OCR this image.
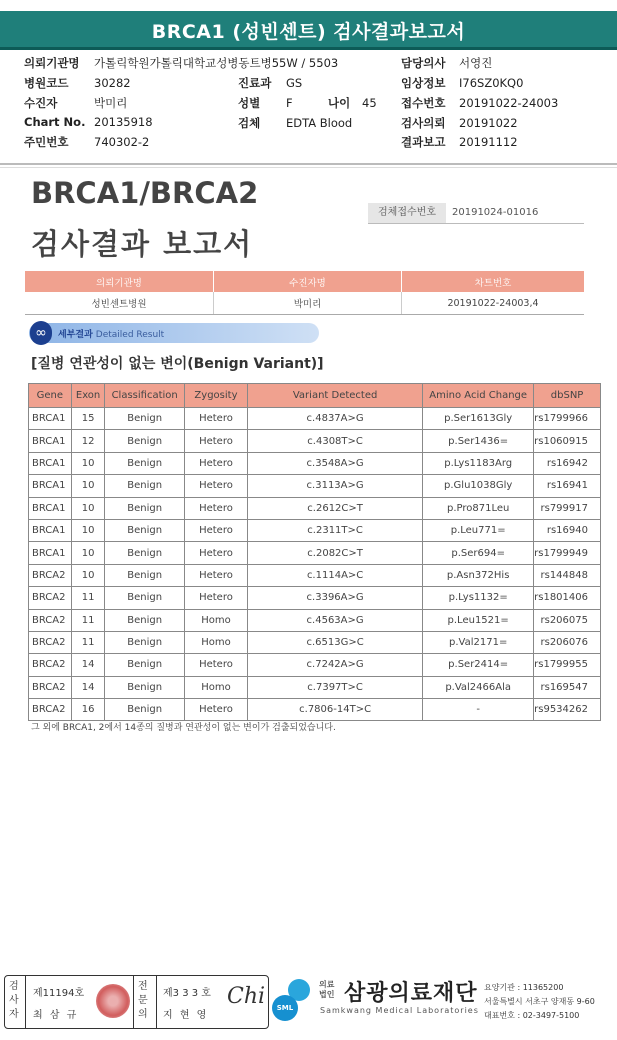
BRCA1 (성빈센트) 검사결과보고서
의뢰기관명 가톨릭학원가톨릭대학교성병동트병55W / 5503	담당의사 서영진
병원코드 30282	진료과 GS	임상정보 I76SZ0KQ0
수진자	박미리	성별 F	나이 45 접수번호 20191022-24003
Chart No. 20135918	검체 EDTA Blood	검사의뢰 20191022
주민번호 740302-2	결과보고 20191112
BRCA1/BRCA2
검사결과 보고서
검체접수번호	20191024-01016
의뢰기관명	수진자명	차트번호
성빈센트병원	박미리	20191022-24003,4
∞	세부결과 Detailed Result
[질병 연관성이 없는 변이(Benign Variant)]
Gene	Exon	Classification	Zygosity	Variant Detected	Amino Acid Change	dbSNP
BRCA1	15	Benign	Hetero	c.4837A>G	p.Ser1613Gly	rs1799966
BRCA1	12	Benign	Hetero	c.4308T>C	p.Ser1436=	rs1060915
BRCA1	10	Benign	Hetero	c.3548A>G	p.Lys1183Arg	rs16942
BRCA1	10	Benign	Hetero	c.3113A>G	p.Glu1038Gly	rs16941
BRCA1	10	Benign	Hetero	c.2612C>T	p.Pro871Leu	rs799917
BRCA1	10	Benign	Hetero	c.2311T>C	p.Leu771=	rs16940
BRCA1	10	Benign	Hetero	c.2082C>T	p.Ser694=	rs1799949
BRCA2	10	Benign	Hetero	c.1114A>C	p.Asn372His	rs144848
BRCA2	11	Benign	Hetero	c.3396A>G	p.Lys1132=	rs1801406
BRCA2	11	Benign	Homo	c.4563A>G	p.Leu1521=	rs206075
BRCA2	11	Benign	Homo	c.6513G>C	p.Val2171=	rs206076
BRCA2	14	Benign	Hetero	c.7242A>G	p.Ser2414=	rs1799955
BRCA2	14	Benign	Homo	c.7397T>C	p.Val2466Ala	rs169547
BRCA2	16	Benign	Hetero	c.7806-14T>C	-	rs9534262
그 외에 BRCA1, 2에서 14종의 질병과 연관성이 없는 변이가 검출되었습니다.
검사자
제11194호
최 삼 규
전문의
제3 3 3 호
지 현 영
Chi	SML
의료
법인 삼광의료재단
Samkwang Medical Laboratories
요양기관 : 11365200
서울특별시 서초구 양재동 9-60
대표번호 : 02-3497-5100
